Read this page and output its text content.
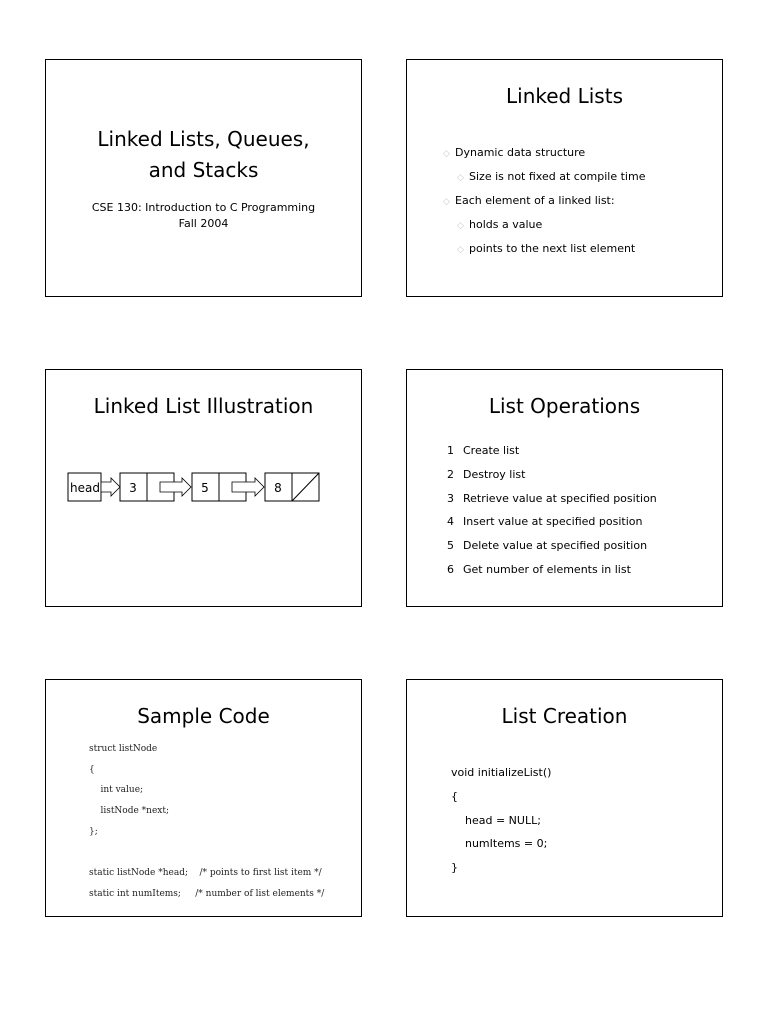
Linked Lists, Queues,
and Stacks
CSE 130: Introduction to C Programming
Fall 2004
Linked Lists
◇ Dynamic data structure
◇ Size is not fixed at compile time
◇ Each element of a linked list:
◇ holds a value
◇ points to the next list element
Linked List Illustration
head 3	5	8
List Operations
1 Create list
2 Destroy list
3 Retrieve value at specified position
4 Insert value at specified position
5 Delete value at specified position
6 Get number of elements in list
Sample Code
struct listNode
{
int value;
listNode *next;
};
static listNode *head;    /* points to first list item */
static int numItems;     /* number of list elements */
List Creation
void initializeList()
{
head = NULL;
numItems = 0;
}
